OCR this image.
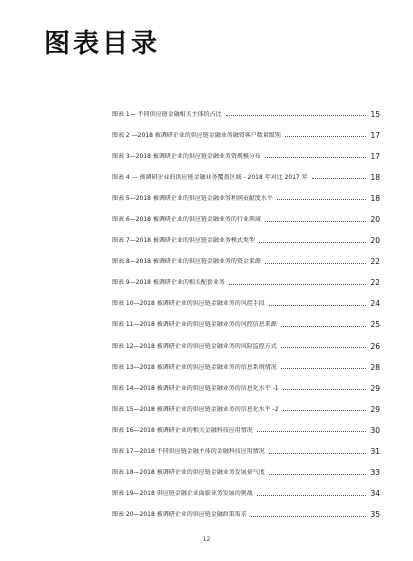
图表目录
图表 1— 不同供应链金融相关主体的占比	15
图表 2 —2018 被调研企业的供应链金融业务融资客户数量级别	17
图表 3—2018 被调研企业的供应链金融业务资规模分布	17
图表 4 — 被调研企业的供应链金融业务覆盖区域 - 2018 年对比 2017 年	18
图表 5—2018 被调研企业的供应链金融业务利润贡献度水平	18
图表 6—2018 被调研企业的供应链金融业务的行业领域	20
图表 7—2018 被调研企业的供应链金融业务模式类型	20
图表 8—2018 被调研企业的供应链金融业务的资金来源	22
图表 9—2018 被调研企业的相关配套业务	22
图表 10—2018 被调研企业的供应链金融业务的风控手段	24
图表 11—2018 被调研企业的供应链金融业务的风控信息来源	25
图表 12—2018 被调研企业的供应链金融业务的风险监控方式	26
图表 13—2018 被调研企业的供应链金融业务的信息系统情况	28
图表 14—2018 被调研企业的供应链金融业务的信息化水平 -1	29
图表 15—2018 被调研企业的供应链金融业务的信息化水平 -2	29
图表 16—2018 被调研企业的相关金融科技应用情况	30
图表 17—2018 不同供应链金融主体的金融科技应用情况	31
图表 18—2018 被调研企业的供应链金融业务发展景气度	33
图表 19—2018 供应链金融企业面临业务发展的挑战	34
图表 20—2018 被调研企业的供应链金融政策需求	35
12
